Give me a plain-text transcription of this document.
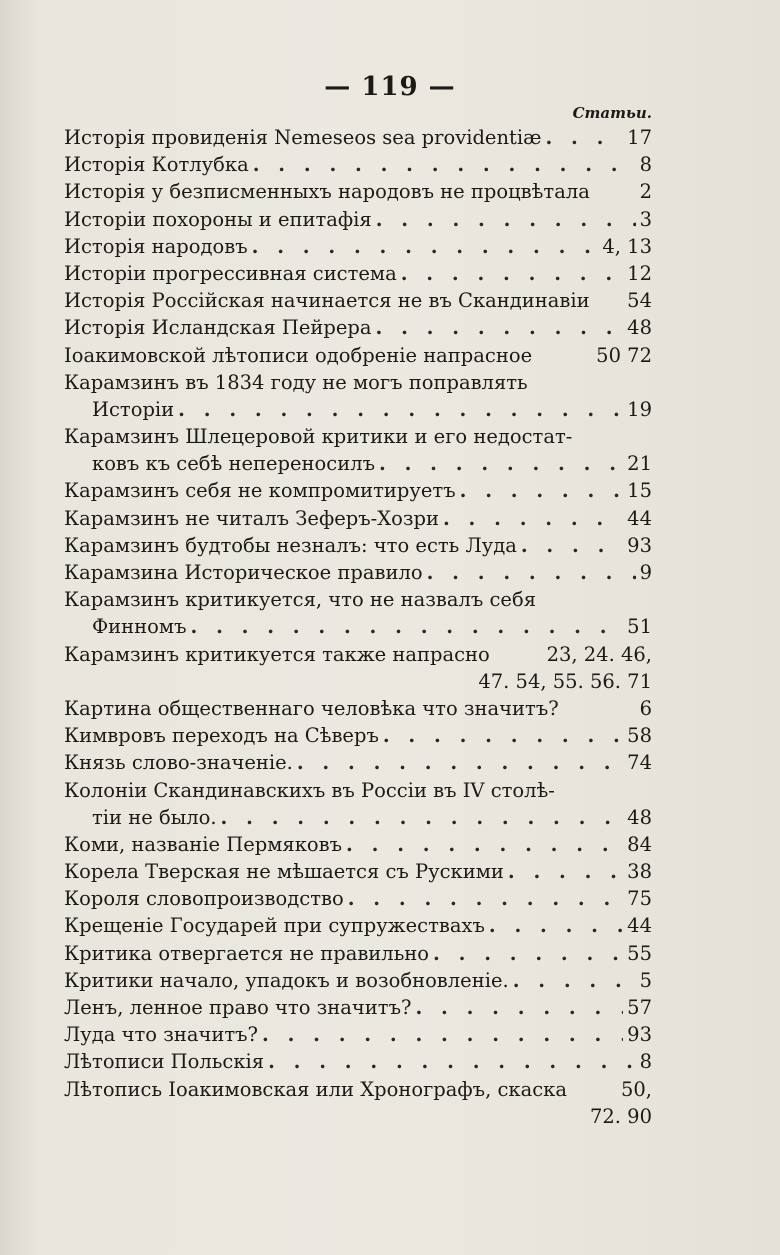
— 119 —
Статьи.
Исторiя провиденiя Nemeseos sea providentiæ . . .	17
Исторiя Котлубка . . .	8
Исторiя у безписменныхъ народовъ не процвѣтала	2
Исторiи похороны и епитафiя . . .	3
Исторiя народовъ . . .	4, 13
Исторiи прогрессивная система . . .	12
Исторiя Россiйская начинается не въ Скандинавiи 54
Исторiя Исландская Пейрера . . .	48
Iоакимовской лѣтописи одобренiе напрасное	50 72
Карамзинъ въ 1834 году не могъ поправлять
Исторiи . . .	19
Карамзинъ Шлецеровой критики и его недостат-
ковъ къ себѣ непереносилъ . . .	21
Карамзинъ себя не компромитируетъ . . .	15
Карамзинъ не читалъ Зеферъ-Хозри . . .	44
Карамзинъ будтобы незналъ: что есть Луда . . .	93
Карамзина Историческое правило . . .	9
Карамзинъ критикуется, что не назвалъ себя
Финномъ . . .	51
Карамзинъ критикуется также напрасно	23, 24. 46,
47. 54, 55. 56. 71
Картина общественнаго человѣка что значитъ?	6
Кимвровъ переходъ на Сѣверъ . . .	58
Князь слово-значенiе. . . .	74
Колонiи Скандинавскихъ въ Россiи въ IV столѣ-
тiи не было. . . .	48
Коми, названiе Пермяковъ . . .	84
Корела Тверская не мѣшается съ Рускими . . .	38
Короля словопроизводство . . .	75
Крещенiе Государей при супружествахъ . . .	44
Критика отвергается не правильно . . .	55
Критики начало, упадокъ и возобновленiе. . . .	5
Ленъ, ленное право что значитъ? . . .	57
Луда что значитъ? . . .	93
Лѣтописи Польскiя . . .	8
Лѣтопись Iоакимовская или Хронографъ, скаска	50,
72. 90
